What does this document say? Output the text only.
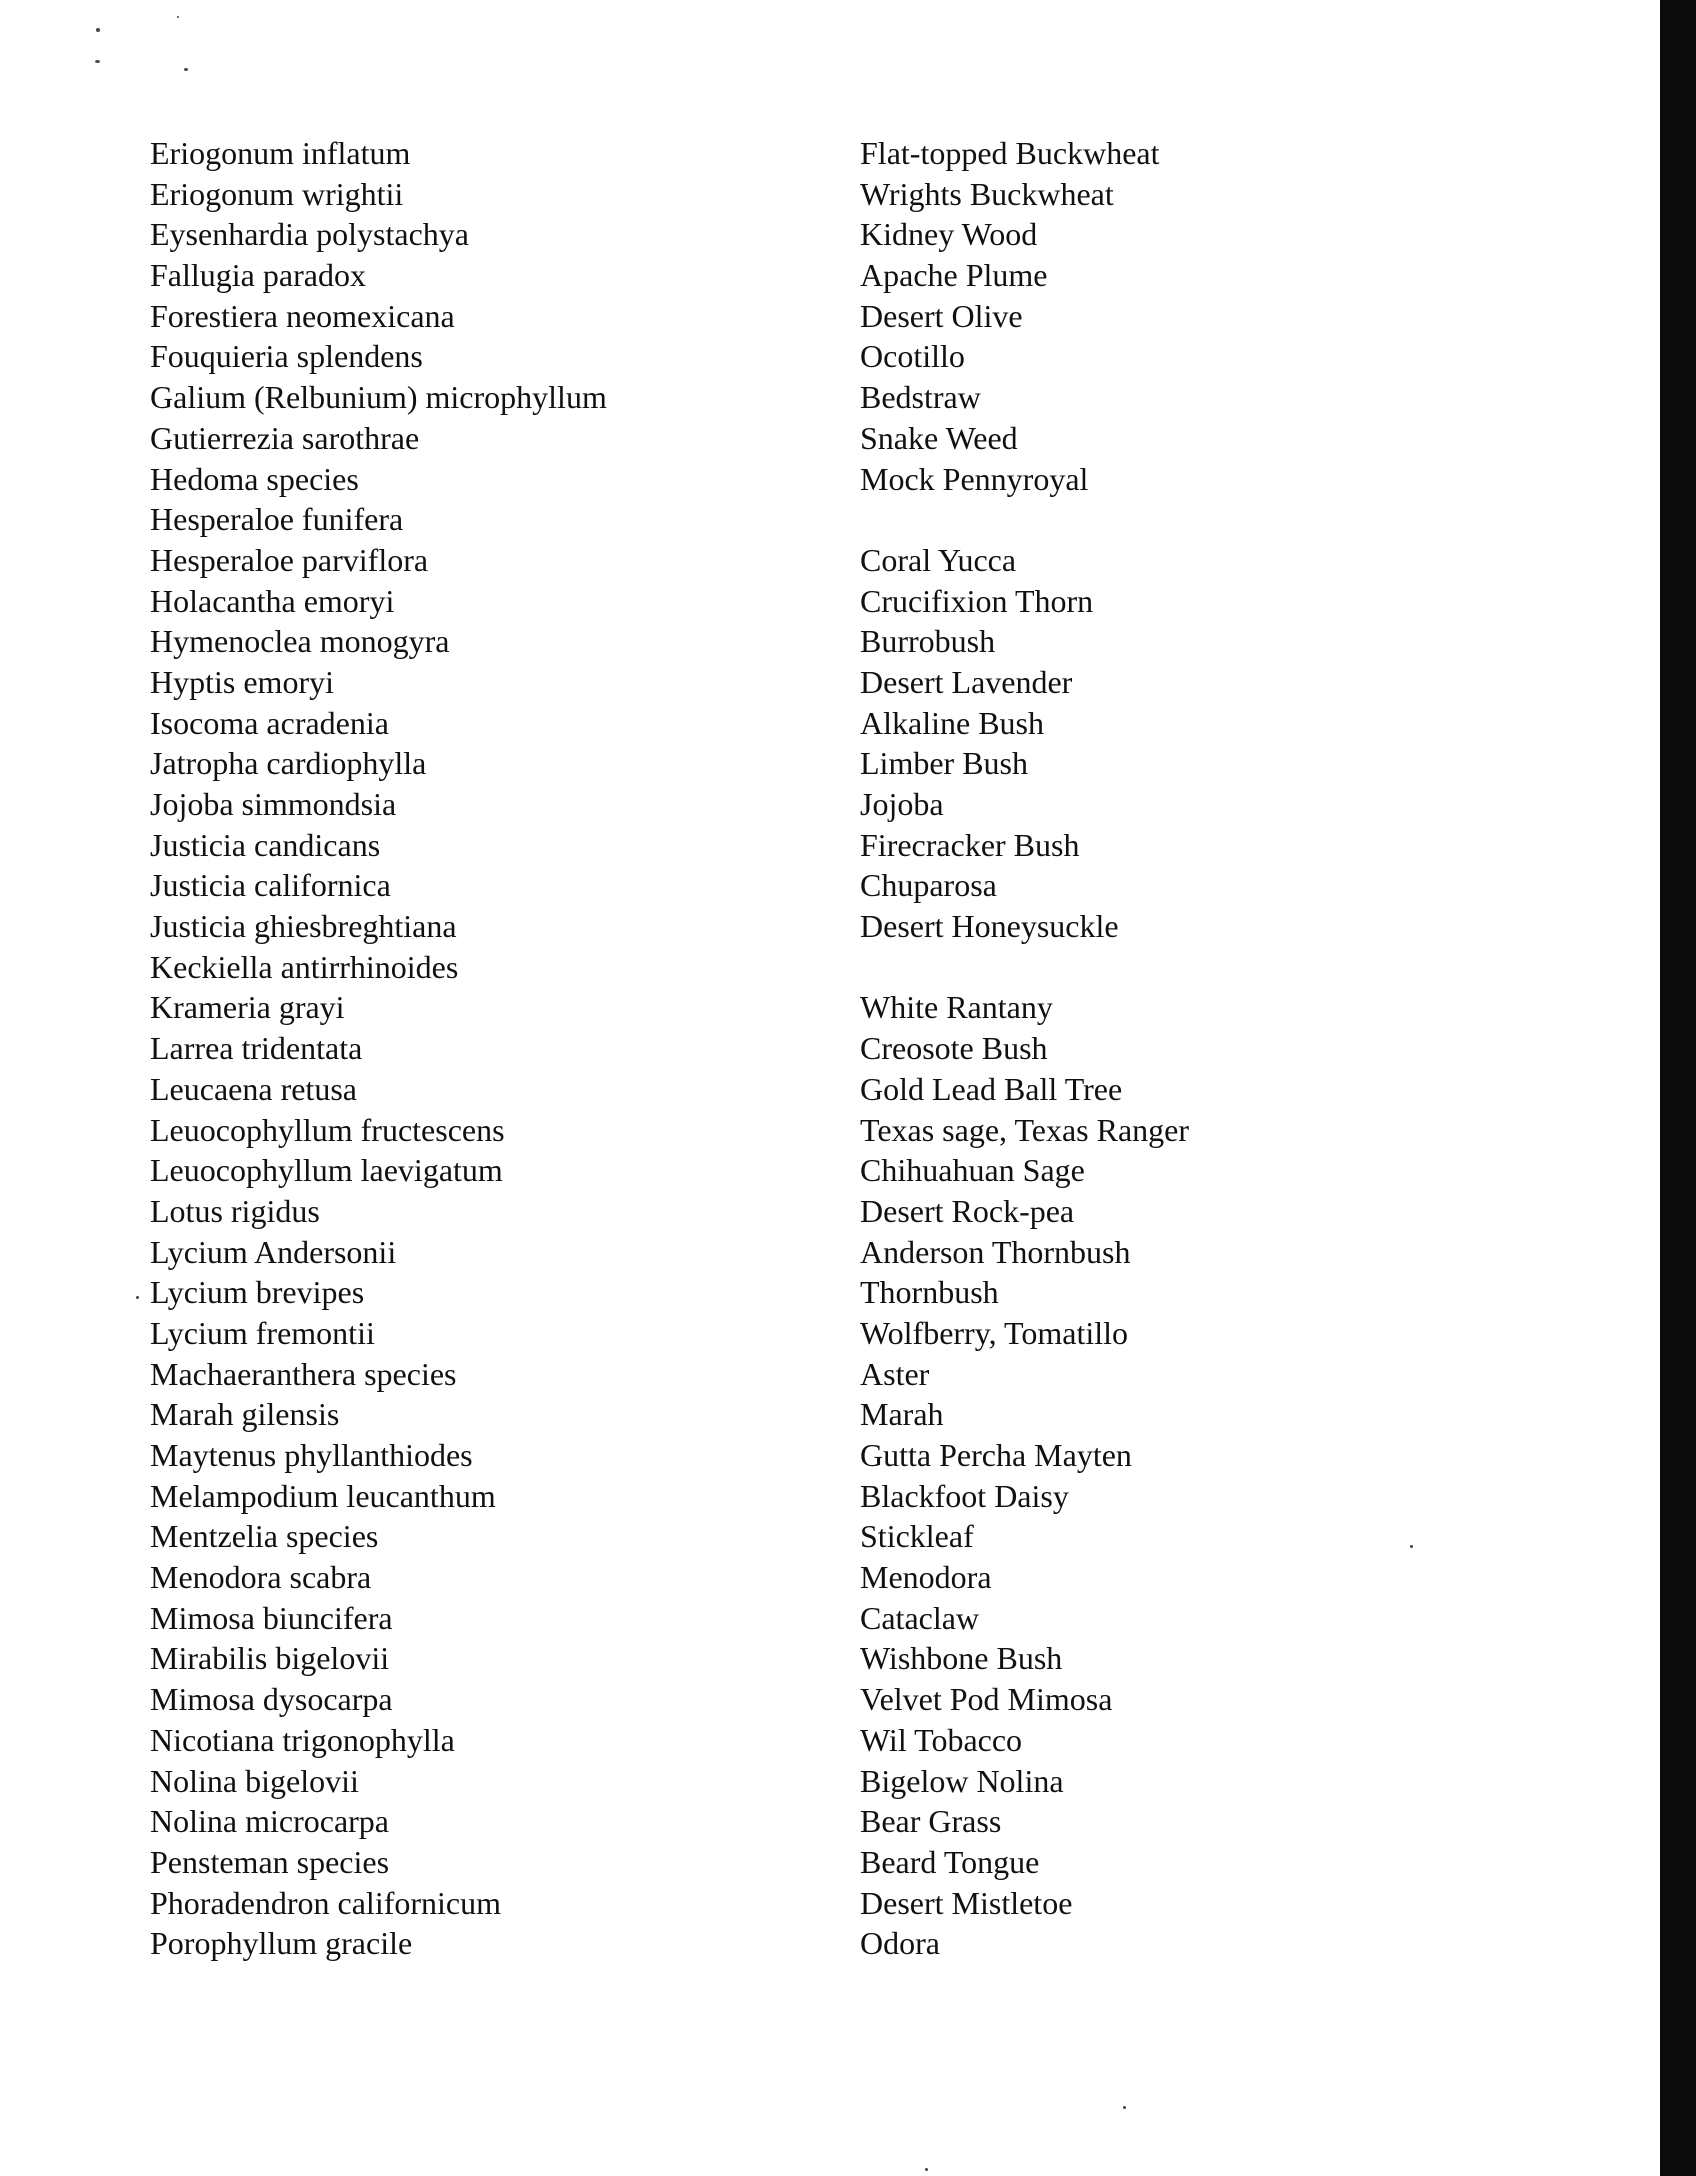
Eriogonum inflatum	Flat-topped Buckwheat
Eriogonum wrightii	Wrights Buckwheat
Eysenhardia polystachya	Kidney Wood
Fallugia paradox	Apache Plume
Forestiera neomexicana	Desert Olive
Fouquieria splendens	Ocotillo
Galium (Relbunium) microphyllum	Bedstraw
Gutierrezia sarothrae	Snake Weed
Hedoma species	Mock Pennyroyal
Hesperaloe funifera
Hesperaloe parviflora	Coral Yucca
Holacantha emoryi	Crucifixion Thorn
Hymenoclea monogyra	Burrobush
Hyptis emoryi	Desert Lavender
Isocoma acradenia	Alkaline Bush
Jatropha cardiophylla	Limber Bush
Jojoba simmondsia	Jojoba
Justicia candicans	Firecracker Bush
Justicia californica	Chuparosa
Justicia ghiesbreghtiana	Desert Honeysuckle
Keckiella antirrhinoides
Krameria grayi	White Rantany
Larrea tridentata	Creosote Bush
Leucaena retusa	Gold Lead Ball Tree
Leuocophyllum fructescens	Texas sage, Texas Ranger
Leuocophyllum laevigatum	Chihuahuan Sage
Lotus rigidus	Desert Rock-pea
Lycium Andersonii	Anderson Thornbush
Lycium brevipes	Thornbush
Lycium fremontii	Wolfberry, Tomatillo
Machaeranthera species	Aster
Marah gilensis	Marah
Maytenus phyllanthiodes	Gutta Percha Mayten
Melampodium leucanthum	Blackfoot Daisy
Mentzelia species	Stickleaf
Menodora scabra	Menodora
Mimosa biuncifera	Cataclaw
Mirabilis bigelovii	Wishbone Bush
Mimosa dysocarpa	Velvet Pod Mimosa
Nicotiana trigonophylla	Wil Tobacco
Nolina bigelovii	Bigelow Nolina
Nolina microcarpa	Bear Grass
Pensteman species	Beard Tongue
Phoradendron californicum	Desert Mistletoe
Porophyllum gracile	Odora
